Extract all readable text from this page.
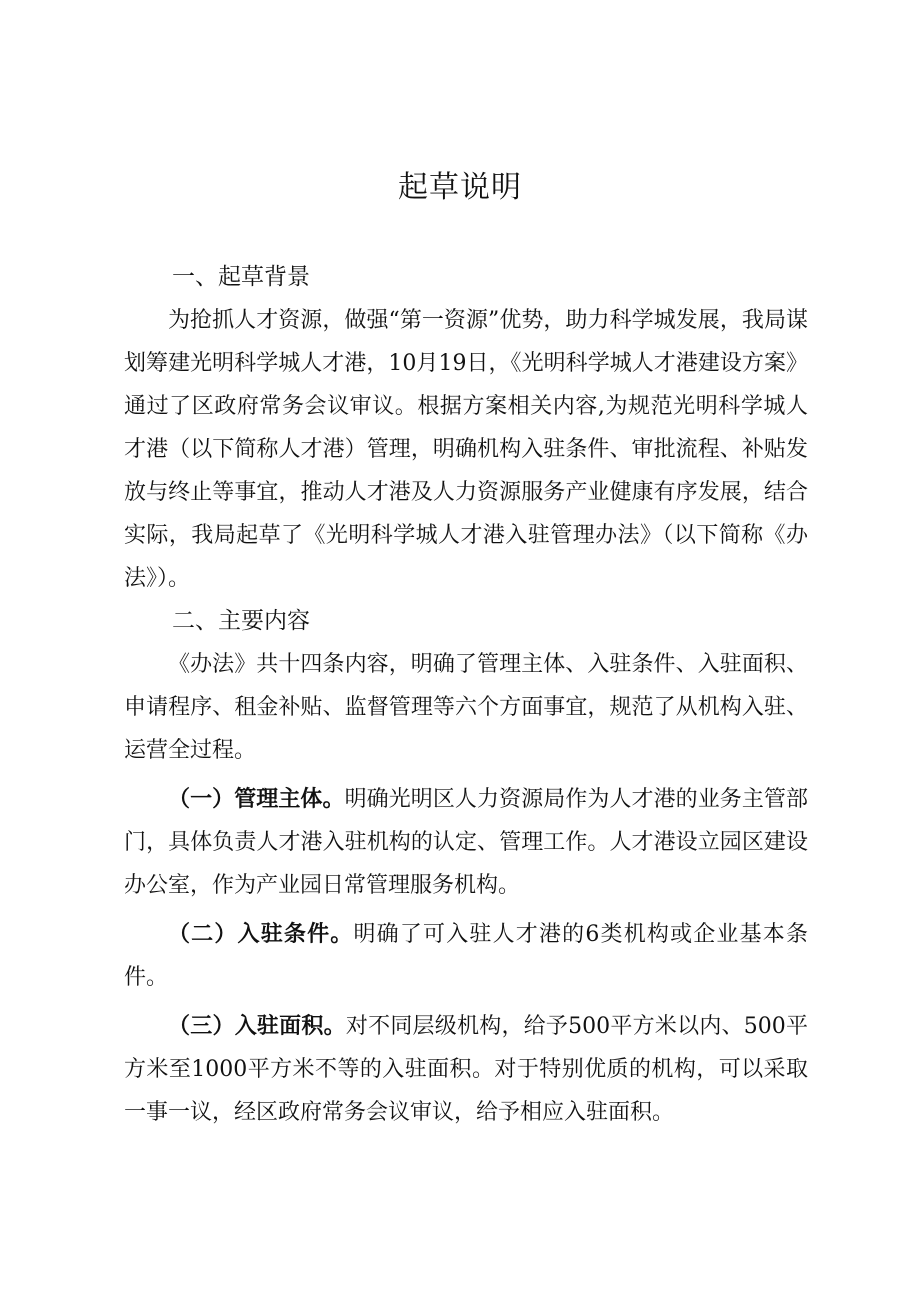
起草说明
一、起草背景

为抢抓人才资源，做强“第一资源”优势，助力科学城发展，我局谋划筹建光明科学城人才港，10月19日，《光明科学城人才港建设方案》通过了区政府常务会议审议。根据方案相关内容,为规范光明科学城人才港（以下简称人才港）管理，明确机构入驻条件、审批流程、补贴发放与终止等事宜，推动人才港及人力资源服务产业健康有序发展，结合实际，我局起草了《光明科学城人才港入驻管理办法》（以下简称《办法》）。

二、主要内容

《办法》共十四条内容，明确了管理主体、入驻条件、入驻面积、申请程序、租金补贴、监督管理等六个方面事宜，规范了从机构入驻、运营全过程。

（一）管理主体。明确光明区人力资源局作为人才港的业务主管部门，具体负责人才港入驻机构的认定、管理工作。人才港设立园区建设办公室，作为产业园日常管理服务机构。

（二）入驻条件。明确了可入驻人才港的6类机构或企业基本条件。

（三）入驻面积。对不同层级机构，给予500平方米以内、500平方米至1000平方米不等的入驻面积。对于特别优质的机构，可以采取一事一议，经区政府常务会议审议，给予相应入驻面积。
